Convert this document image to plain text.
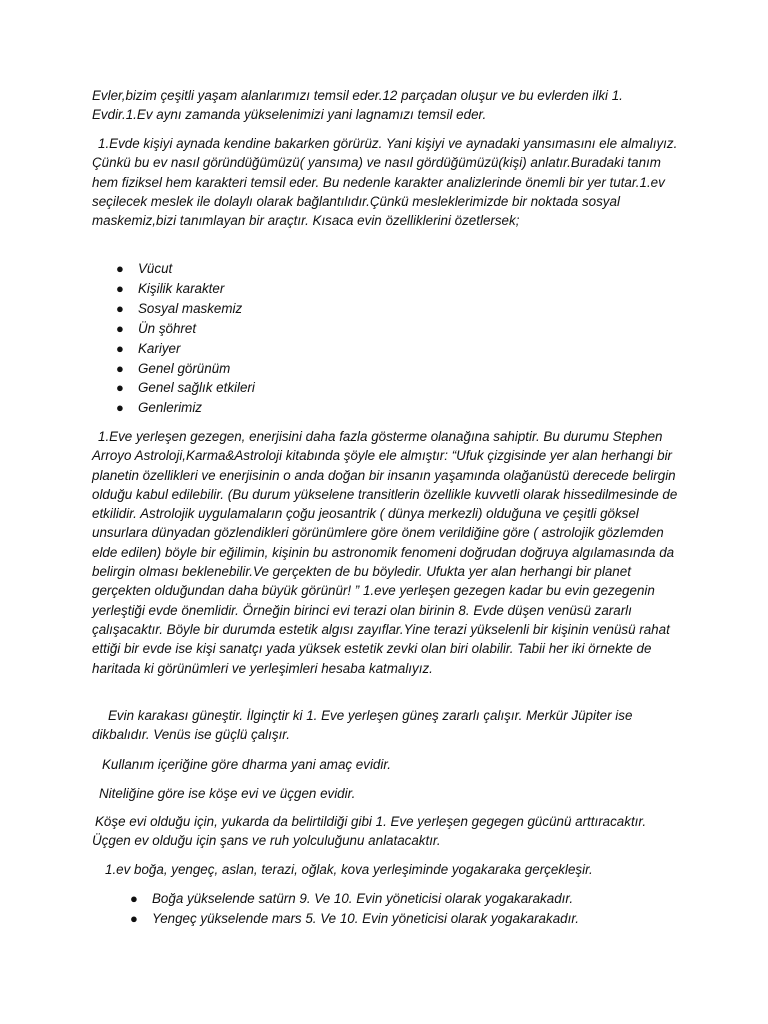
Evler,bizim çeşitli yaşam alanlarımızı temsil eder.12 parçadan oluşur ve bu evlerden ilki 1. Evdir.1.Ev aynı zamanda yükselenimizi yani lagnamızı temsil eder.

1.Evde kişiyi aynada kendine bakarken görürüz. Yani kişiyi ve aynadaki yansımasını ele almalıyız. Çünkü bu ev nasıl göründüğümüzü( yansıma) ve nasıl gördüğümüzü(kişi) anlatır.Buradaki tanım hem fiziksel hem karakteri temsil eder. Bu nedenle karakter analizlerinde önemli bir yer tutar.1.ev seçilecek meslek ile dolaylı olarak bağlantılıdır.Çünkü mesleklerimizde bir noktada sosyal maskemiz,bizi tanımlayan bir araçtır. Kısaca evin özelliklerini özetlersek;

● Vücut
● Kişilik karakter
● Sosyal maskemiz
● Ün şöhret
● Kariyer
● Genel görünüm
● Genel sağlık etkileri
● Genlerimiz

1.Eve yerleşen gezegen, enerjisini daha fazla gösterme olanağına sahiptir. Bu durumu Stephen Arroyo Astroloji,Karma&Astroloji kitabında şöyle ele almıştır: “Ufuk çizgisinde yer alan herhangi bir planetin özellikleri ve enerjisinin o anda doğan bir insanın yaşamında olağanüstü derecede belirgin olduğu kabul edilebilir. (Bu durum yükselene transitlerin özellikle kuvvetli olarak hissedilmesinde de etkilidir. Astrolojik uygulamaların çoğu jeosantrik ( dünya merkezli) olduğuna ve çeşitli göksel unsurlara dünyadan gözlendikleri görünümlere göre önem verildiğine göre ( astrolojik gözlemden elde edilen) böyle bir eğilimin, kişinin bu astronomik fenomeni doğrudan doğruya algılamasında da belirgin olması beklenebilir.Ve gerçekten de bu böyledir. Ufukta yer alan herhangi bir planet gerçekten olduğundan daha büyük görünür! ” 1.eve yerleşen gezegen kadar bu evin gezegenin yerleştiği evde önemlidir. Örneğin birinci evi terazi olan birinin 8. Evde düşen venüsü zararlı çalışacaktır. Böyle bir durumda estetik algısı zayıflar.Yine terazi yükselenli bir kişinin venüsü rahat ettiği bir evde ise kişi sanatçı yada yüksek estetik zevki olan biri olabilir. Tabii her iki örnekte de haritada ki görünümleri ve yerleşimleri hesaba katmalıyız.

Evin karakası güneştir. İlginçtir ki 1. Eve yerleşen güneş zararlı çalışır. Merkür Jüpiter ise dikbalıdır. Venüs ise güçlü çalışır.

Kullanım içeriğine göre dharma yani amaç evidir.

Niteliğine göre ise köşe evi ve üçgen evidir.

Köşe evi olduğu için, yukarda da belirtildiği gibi 1. Eve yerleşen gegegen gücünü arttıracaktır. Üçgen ev olduğu için şans ve ruh yolculuğunu anlatacaktır.

1.ev boğa, yengeç, aslan, terazi, oğlak, kova yerleşiminde yogakaraka gerçekleşir.

● Boğa yükselende satürn 9. Ve 10. Evin yöneticisi olarak yogakarakadır.
● Yengeç yükselende mars 5. Ve 10. Evin yöneticisi olarak yogakarakadır.
